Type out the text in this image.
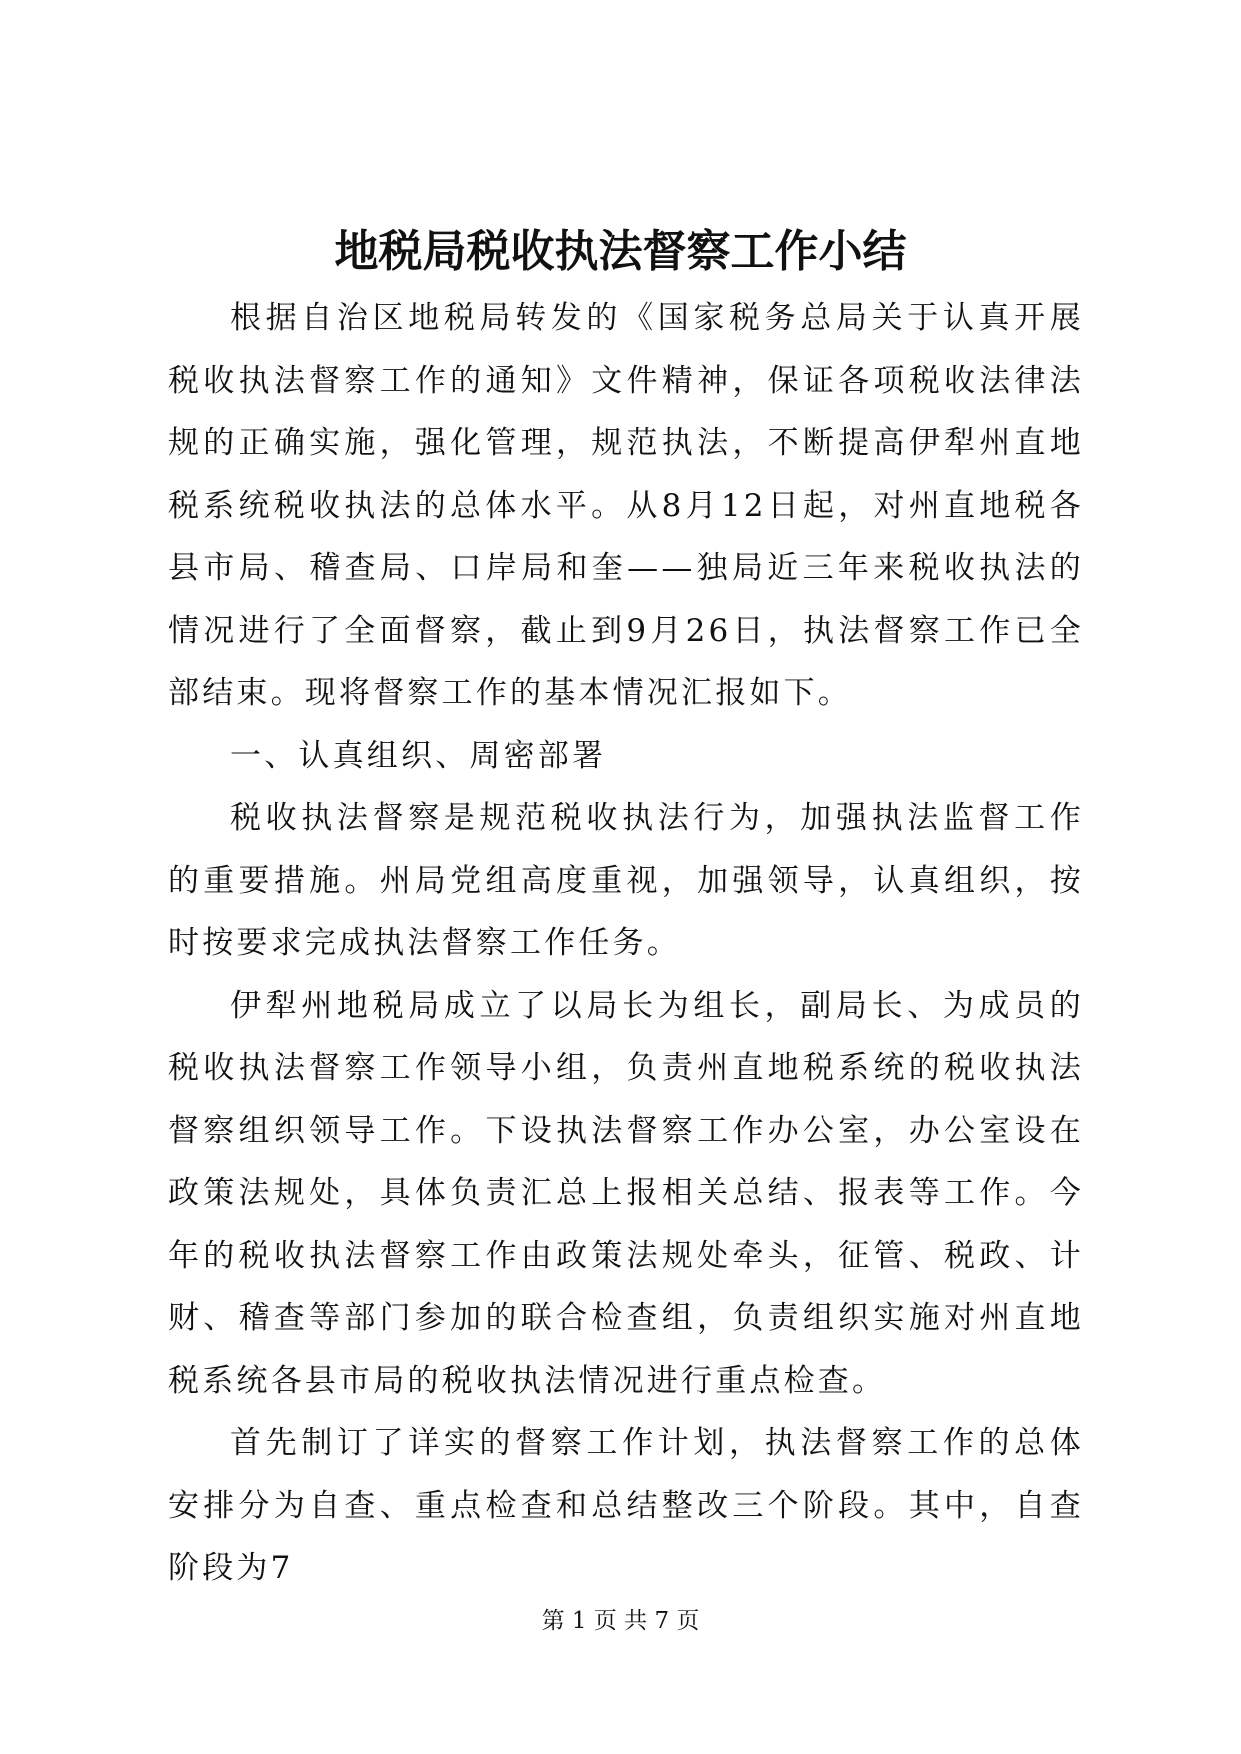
地税局税收执法督察工作小结

根据自治区地税局转发的《国家税务总局关于认真开展税收执法督察工作的通知》文件精神，保证各项税收法律法规的正确实施，强化管理，规范执法，不断提高伊犁州直地税系统税收执法的总体水平。从8月12日起，对州直地税各县市局、稽查局、口岸局和奎——独局近三年来税收执法的情况进行了全面督察，截止到9月26日，执法督察工作已全部结束。现将督察工作的基本情况汇报如下。

一、认真组织、周密部署

税收执法督察是规范税收执法行为，加强执法监督工作的重要措施。州局党组高度重视，加强领导，认真组织，按时按要求完成执法督察工作任务。

伊犁州地税局成立了以局长为组长，副局长、为成员的税收执法督察工作领导小组，负责州直地税系统的税收执法督察组织领导工作。下设执法督察工作办公室，办公室设在政策法规处，具体负责汇总上报相关总结、报表等工作。今年的税收执法督察工作由政策法规处牵头，征管、税政、计财、稽查等部门参加的联合检查组，负责组织实施对州直地税系统各县市局的税收执法情况进行重点检查。

首先制订了详实的督察工作计划，执法督察工作的总体安排分为自查、重点检查和总结整改三个阶段。其中，自查阶段为7

第 1 页 共 7 页
